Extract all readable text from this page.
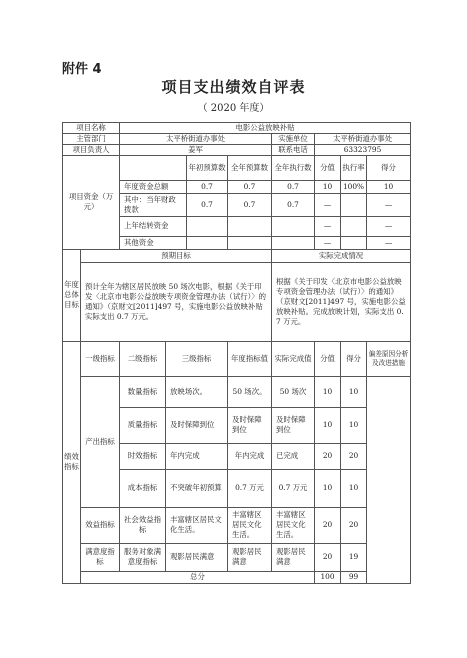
附件 4
项目支出绩效自评表
（ 2020 年度）
项目名称		电影公益放映补贴							
主管部门		太平桥街道办事处				实施单位	太平桥街道办事处		
项目负责人		姜军				联系电话	63323795		
项目资金（万元）				年初预算数	全年预算数	全年执行数	分值	执行率	得分
		年度资金总额		0.7	0.7	0.7	10	100%	10
		其中：当年财政拨款		0.7	0.7	0.7	—		—
		上年结转资金					—		—
		其他资金					—		—
年度总体目标	预期目标					实际完成情况			
	预计全年为辖区居民放映 50 场次电影，根据《关于印发〈北京市电影公益放映专项资金管理办法（试行）〉的通知》（京财文[2011]497 号，实施电影公益放映补贴实际支出 0.7 万元。					根据《关于印发〈北京市电影公益放映专项资金管理办法（试行）〉的通知》（京财文[2011]497 号，实施电影公益放映补贴。完成放映计划，实际支出 0.7 万元。			
绩效指标	一级指标	二级指标	三级指标		年度指标值	实际完成值	分值	得分	偏差原因分析及改进措施
	产出指标	数量指标	放映场次。		50 场次。	50 场次	10	10	
		质量指标	及时保障到位		及时保障到位	及时保障到位	10	10	
		时效指标	年内完成		年内完成	已完成	20	20	
		成本指标	不突破年初预算		0.7 万元	0.7 万元	10	10	
	效益指标	社会效益指标	丰富辖区居民文化生活。		丰富辖区居民文化生活。	丰富辖区居民文化生活。	20	20	
	满意度指标	服务对象满意度指标	观影居民满意		观影居民满意	观影居民满意	20	19	
	总分						100	99	
